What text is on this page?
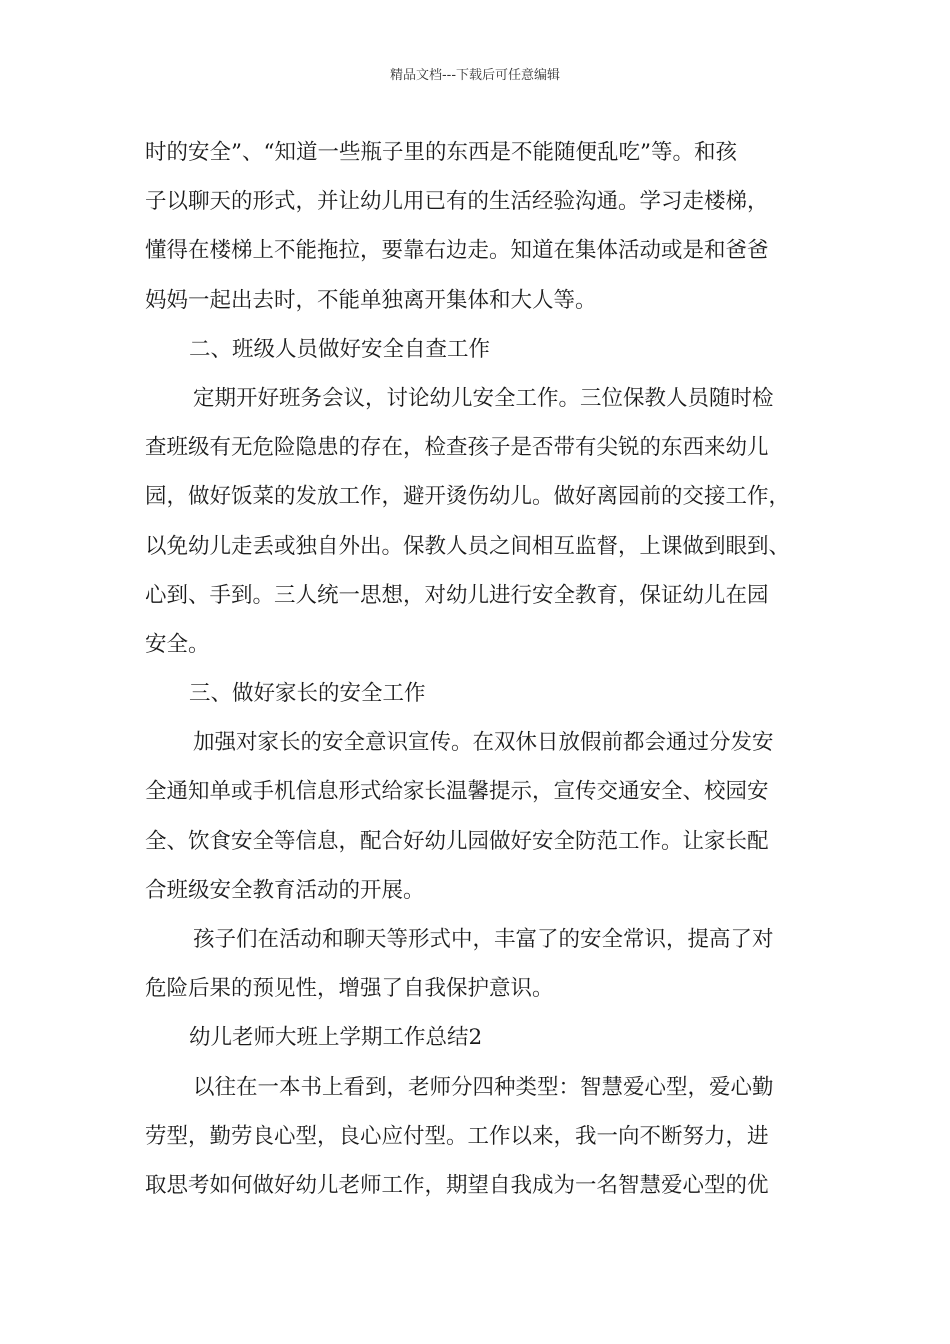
精品文档---下载后可任意编辑
时的安全”、“知道一些瓶子里的东西是不能随便乱吃”等。和孩
子以聊天的形式，并让幼儿用已有的生活经验沟通。学习走楼梯，
懂得在楼梯上不能拖拉，要靠右边走。知道在集体活动或是和爸爸
妈妈一起出去时，不能单独离开集体和大人等。
二、班级人员做好安全自查工作
定期开好班务会议，讨论幼儿安全工作。三位保教人员随时检
查班级有无危险隐患的存在，检查孩子是否带有尖锐的东西来幼儿
园，做好饭菜的发放工作，避开烫伤幼儿。做好离园前的交接工作，
以免幼儿走丢或独自外出。保教人员之间相互监督，上课做到眼到、
心到、手到。三人统一思想，对幼儿进行安全教育，保证幼儿在园
安全。
三、做好家长的安全工作
加强对家长的安全意识宣传。在双休日放假前都会通过分发安
全通知单或手机信息形式给家长温馨提示，宣传交通安全、校园安
全、饮食安全等信息，配合好幼儿园做好安全防范工作。让家长配
合班级安全教育活动的开展。
孩子们在活动和聊天等形式中，丰富了的安全常识，提高了对
危险后果的预见性，增强了自我保护意识。
幼儿老师大班上学期工作总结2
以往在一本书上看到，老师分四种类型：智慧爱心型，爱心勤
劳型，勤劳良心型，良心应付型。工作以来，我一向不断努力，进
取思考如何做好幼儿老师工作，期望自我成为一名智慧爱心型的优
